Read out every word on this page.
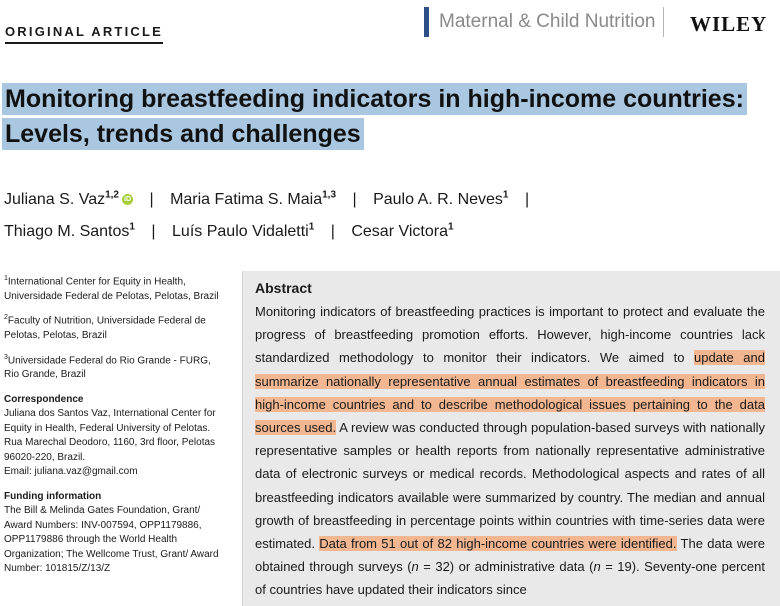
ORIGINAL ARTICLE	Maternal & Child Nutrition WILEY
Monitoring breastfeeding indicators in high-income countries:
Levels, trends and challenges
Juliana S. Vaz$^{1,2}$ iD | Maria Fatima S. Maia$^{1,3}$ | Paulo A. R. Neves$^1$ |
Thiago M. Santos$^1$ | Luís Paulo Vidaletti$^1$ | Cesar Victora$^1$

$^1$International Center for Equity in Health, Universidade Federal de Pelotas, Pelotas, Brazil

$^2$Faculty of Nutrition, Universidade Federal de Pelotas, Pelotas, Brazil

$^3$Universidade Federal do Rio Grande - FURG, Rio Grande, Brazil

Correspondence

Juliana dos Santos Vaz, International Center for Equity in Health, Federal University of Pelotas. Rua Marechal Deodoro, 1160, 3rd floor, Pelotas 96020-220, Brazil.

Email: juliana.vaz@gmail.com

Funding information

The Bill & Melinda Gates Foundation, Grant/ Award Numbers: INV-007594, OPP1179886, OPP1179886 through the World Health Organization; The Wellcome Trust, Grant/ Award Number: 101815/Z/13/Z

Abstract

Monitoring indicators of breastfeeding practices is important to protect and evaluate the progress of breastfeeding promotion efforts. However, high-income countries lack standardized methodology to monitor their indicators. We aimed to update and summarize nationally representative annual estimates of breastfeeding indicators in high-income countries and to describe methodological issues pertaining to the data sources used. A review was conducted through population-based surveys with nationally representative samples or health reports from nationally representative administrative data of electronic surveys or medical records. Methodological aspects and rates of all breastfeeding indicators available were summarized by country. The median and annual growth of breastfeeding in percentage points within countries with time-series data were estimated. Data from 51 out of 82 high-income countries were identified. The data were obtained through surveys (n = 32) or administrative data (n = 19). Seventy-one percent of countries have updated their indicators since
